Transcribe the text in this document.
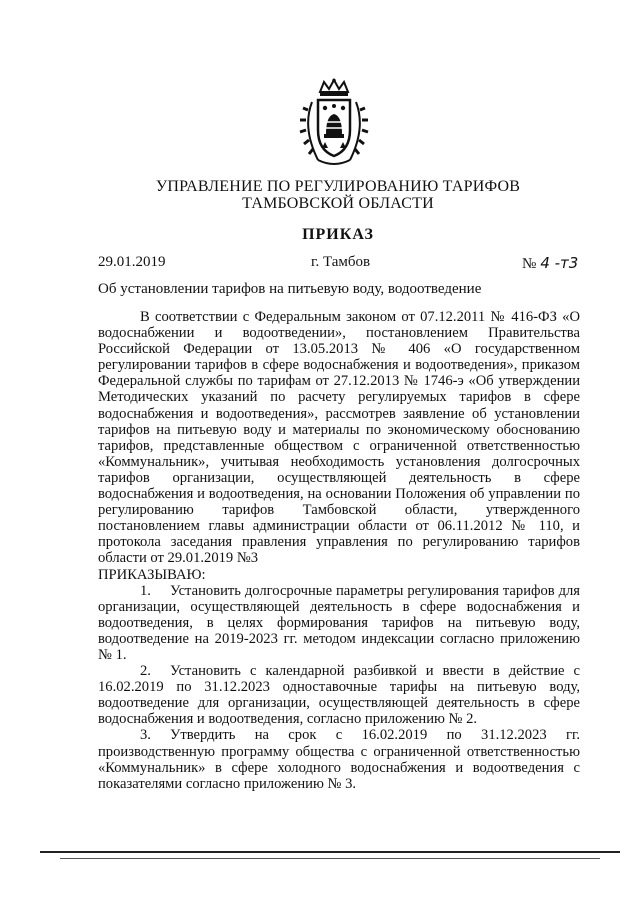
УПРАВЛЕНИЕ ПО РЕГУЛИРОВАНИЮ ТАРИФОВ
ТАМБОВСКОЙ ОБЛАСТИ
ПРИКАЗ
29.01.2019	г. Тамбов	№ 4 -т3
Об установлении тарифов на питьевую воду, водоотведение

В соответствии с Федеральным законом от 07.12.2011 № 416-ФЗ «О водоснабжении и водоотведении», постановлением Правительства Российской Федерации от 13.05.2013 № 406 «О государственном регулировании тарифов в сфере водоснабжения и водоотведения», приказом Федеральной службы по тарифам от 27.12.2013 № 1746-э «Об утверждении Методических указаний по расчету регулируемых тарифов в сфере водоснабжения и водоотведения», рассмотрев заявление об установлении тарифов на питьевую воду и материалы по экономическому обоснованию тарифов, представленные обществом с ограниченной ответственностью «Коммунальник», учитывая необходимость установления долгосрочных тарифов организации, осуществляющей деятельность в сфере водоснабжения и водоотведения, на основании Положения об управлении по регулированию тарифов Тамбовской области, утвержденного постановлением главы администрации области от 06.11.2012 № 110, и протокола заседания правления управления по регулированию тарифов области от 29.01.2019 №3

ПРИКАЗЫВАЮ:

1. Установить долгосрочные параметры регулирования тарифов для организации, осуществляющей деятельность в сфере водоснабжения и водоотведения, в целях формирования тарифов на питьевую воду, водоотведение на 2019-2023 гг. методом индексации согласно приложению № 1.

2. Установить с календарной разбивкой и ввести в действие с 16.02.2019 по 31.12.2023 одноставочные тарифы на питьевую воду, водоотведение для организации, осуществляющей деятельность в сфере водоснабжения и водоотведения, согласно приложению № 2.

3. Утвердить на срок с 16.02.2019 по 31.12.2023 гг. производственную программу общества с ограниченной ответственностью «Коммунальник» в сфере холодного водоснабжения и водоотведения с показателями согласно приложению № 3.
